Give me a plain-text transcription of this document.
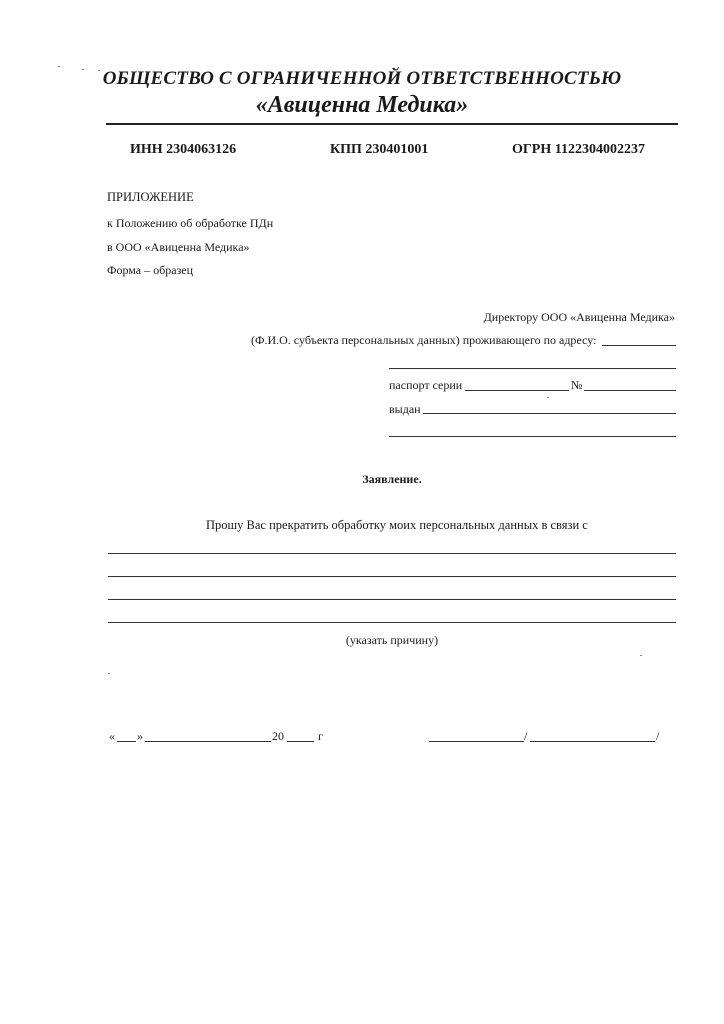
ОБЩЕСТВО С ОГРАНИЧЕННОЙ ОТВЕТСТВЕННОСТЬЮ
«Авиценна Медика»
ИНН 2304063126	КПП 230401001	ОГРН 1122304002237
ПРИЛОЖЕНИЕ
к Положению об обработке ПДн
в ООО «Авиценна Медика»
Форма – образец
Директору ООО «Авиценна Медика»
(Ф.И.О. субъекта персональных данных) проживающего по адресу:
паспорт серии	№
выдан
Заявление.
Прошу Вас прекратить обработку моих персональных данных в связи с
(указать причину)
« »	20	г	/	/
